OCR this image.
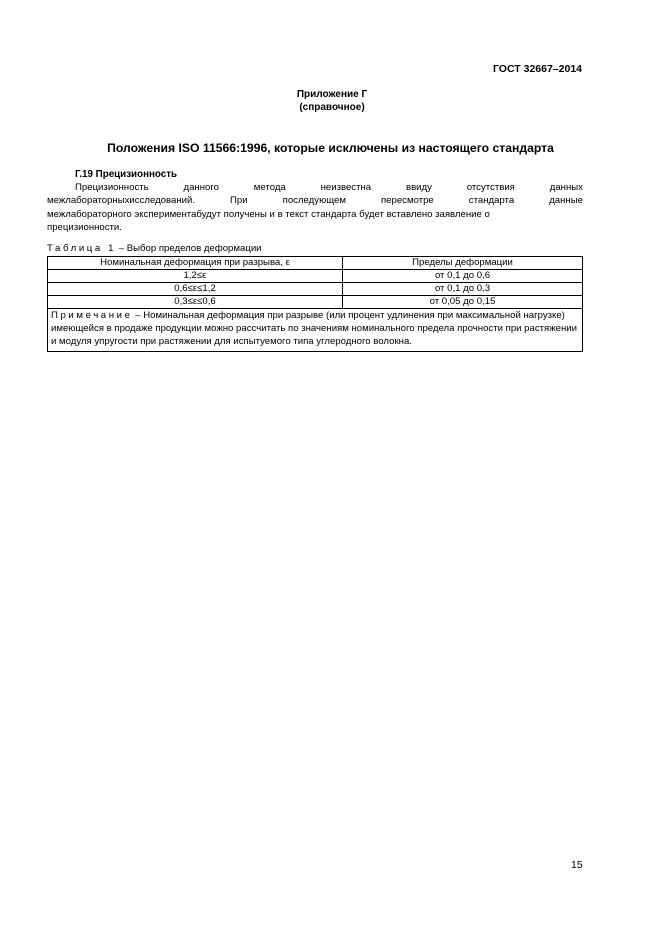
ГОСТ 32667–2014
Приложение Г
(справочное)
Положения ISO 11566:1996, которые исключены из настоящего стандарта
Г.19 Прецизионность
Прецизионность	данного	метода	неизвестна	ввиду	отсутствия	данных
межлабораторныхисследований.	При	последующем	пересмотре	стандарта	данные
межлабораторного экспериментабудут получены и в текст стандарта будет вставлено заявление о
прецизионности.
Таблица 1 – Выбор пределов деформации
Номинальная деформация при разрыва, ε	Пределы деформации
1,2≤ε	от 0,1 до 0,6
0,6≤ε≤1,2	от 0,1 до 0,3
0,3≤ε≤0,6	от 0,05 до 0,15
Примечание – Номинальная деформация при разрыве (или процент удлинения при максимальной нагрузке) имеющейся в продаже продукции можно рассчитать по значениям номинального предела прочности при растяжении и модуля упругости при растяжении для испытуемого типа углеродного волокна.	
15
